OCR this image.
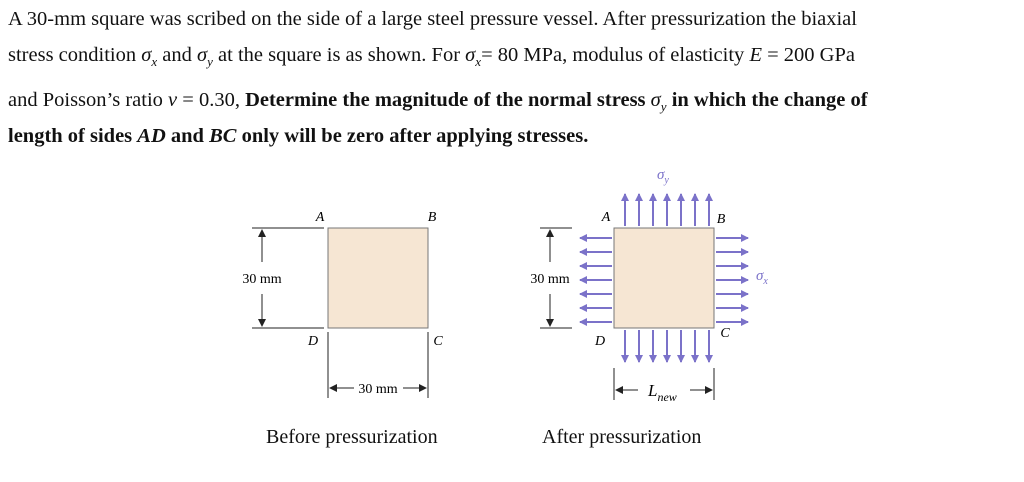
A 30-mm square was scribed on the side of a large steel pressure vessel. After pressurization the biaxial
stress condition $\sigma_x$ and $\sigma_y$ at the square is as shown. For $\sigma_x= 80$ MPa, modulus of elasticity E = 200 GPa
and Poisson’s ratio ν = 0.30, Determine the magnitude of the normal stress $\sigma_y$ in which the change of
length of sides AD and BC only will be zero after applying stresses.
30 mm
30 mm
A	B
C
D
30 mm
$L_{new}$
A	B
C
D
$\sigma_y$
$\sigma_x$
Before pressurization	After pressurization
